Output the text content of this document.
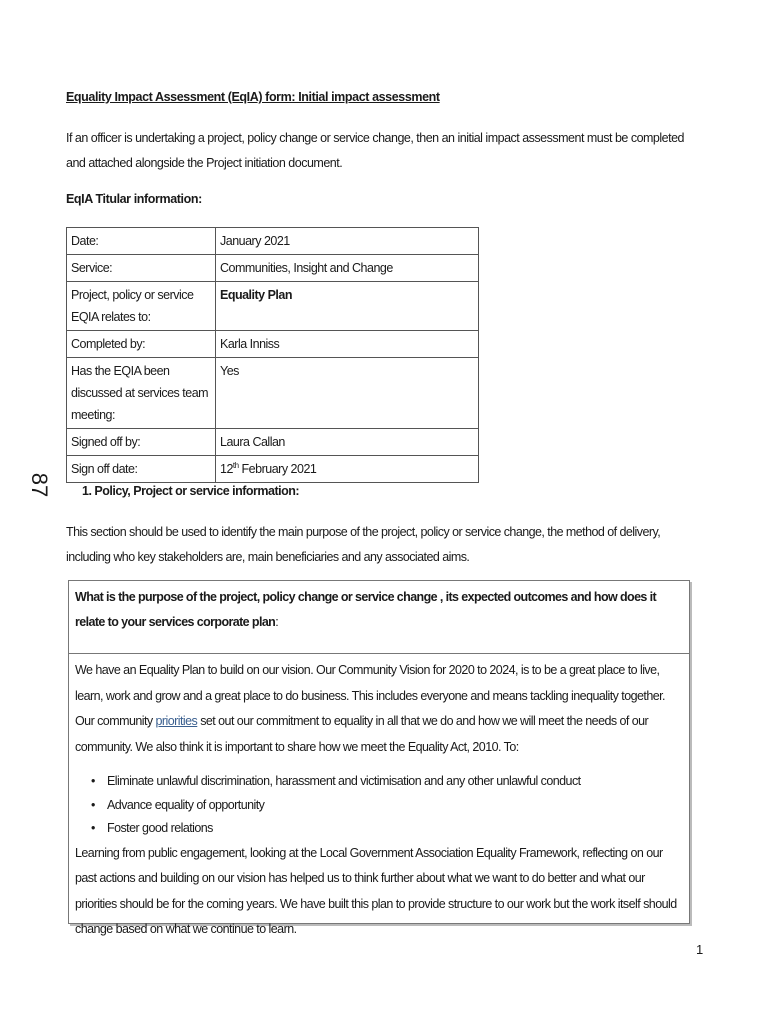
Equality Impact Assessment (EqIA) form: Initial impact assessment
If an officer is undertaking a project, policy change or service change, then an initial impact assessment must be completed and attached alongside the Project initiation document.
EqIA Titular information:
Date:	January 2021
Service:	Communities, Insight and Change
Project, policy or service EQIA relates to:	Equality Plan
Completed by:	Karla Inniss
Has the EQIA been discussed at services team meeting:	Yes
Signed off by:	Laura Callan
Sign off date:	12th February 2021
87 1. Policy, Project or service information:
This section should be used to identify the main purpose of the project, policy or service change, the method of delivery, including who key stakeholders are, main beneficiaries and any associated aims.
What is the purpose of the project, policy change or service change , its expected outcomes and how does it relate to your services corporate plan:
We have an Equality Plan to build on our vision. Our Community Vision for 2020 to 2024, is to be a great place to live, learn, work and grow and a great place to do business. This includes everyone and means tackling inequality together. Our community priorities set out our commitment to equality in all that we do and how we will meet the needs of our community. We also think it is important to share how we meet the Equality Act, 2010. To:
• Eliminate unlawful discrimination, harassment and victimisation and any other unlawful conduct
• Advance equality of opportunity
• Foster good relations
Learning from public engagement, looking at the Local Government Association Equality Framework, reflecting on our past actions and building on our vision has helped us to think further about what we want to do better and what our priorities should be for the coming years. We have built this plan to provide structure to our work but the work itself should change based on what we continue to learn.
1
